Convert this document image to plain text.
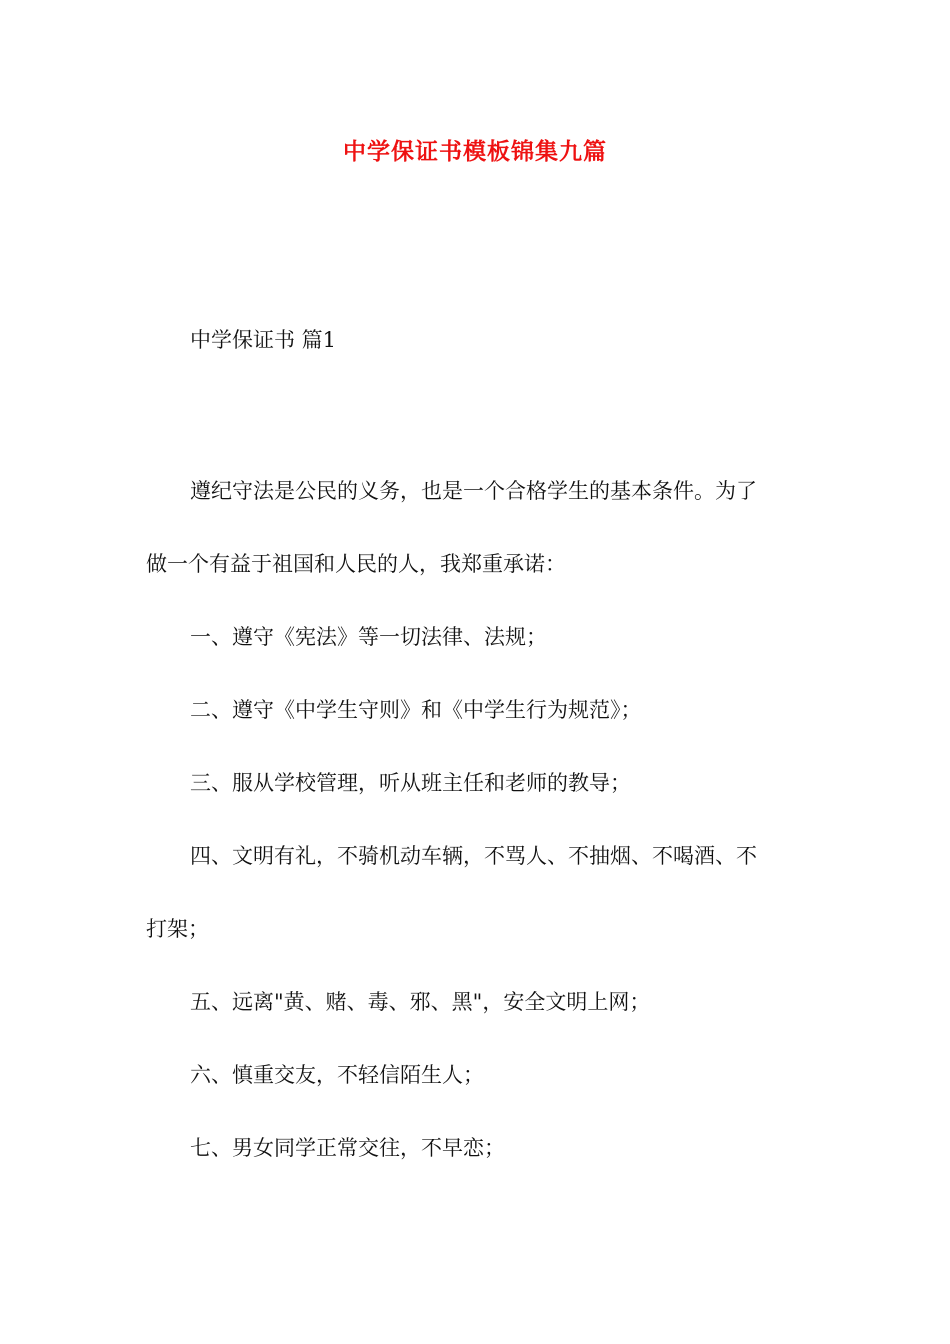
中学保证书模板锦集九篇
中学保证书 篇1
遵纪守法是公民的义务，也是一个合格学生的基本条件。为了
做一个有益于祖国和人民的人，我郑重承诺：
一、遵守《宪法》等一切法律、法规；
二、遵守《中学生守则》和《中学生行为规范》；
三、服从学校管理，听从班主任和老师的教导；
四、文明有礼，不骑机动车辆，不骂人、不抽烟、不喝酒、不
打架；
五、远离"黄、赌、毒、邪、黑"，安全文明上网；
六、慎重交友，不轻信陌生人；
七、男女同学正常交往，不早恋；
